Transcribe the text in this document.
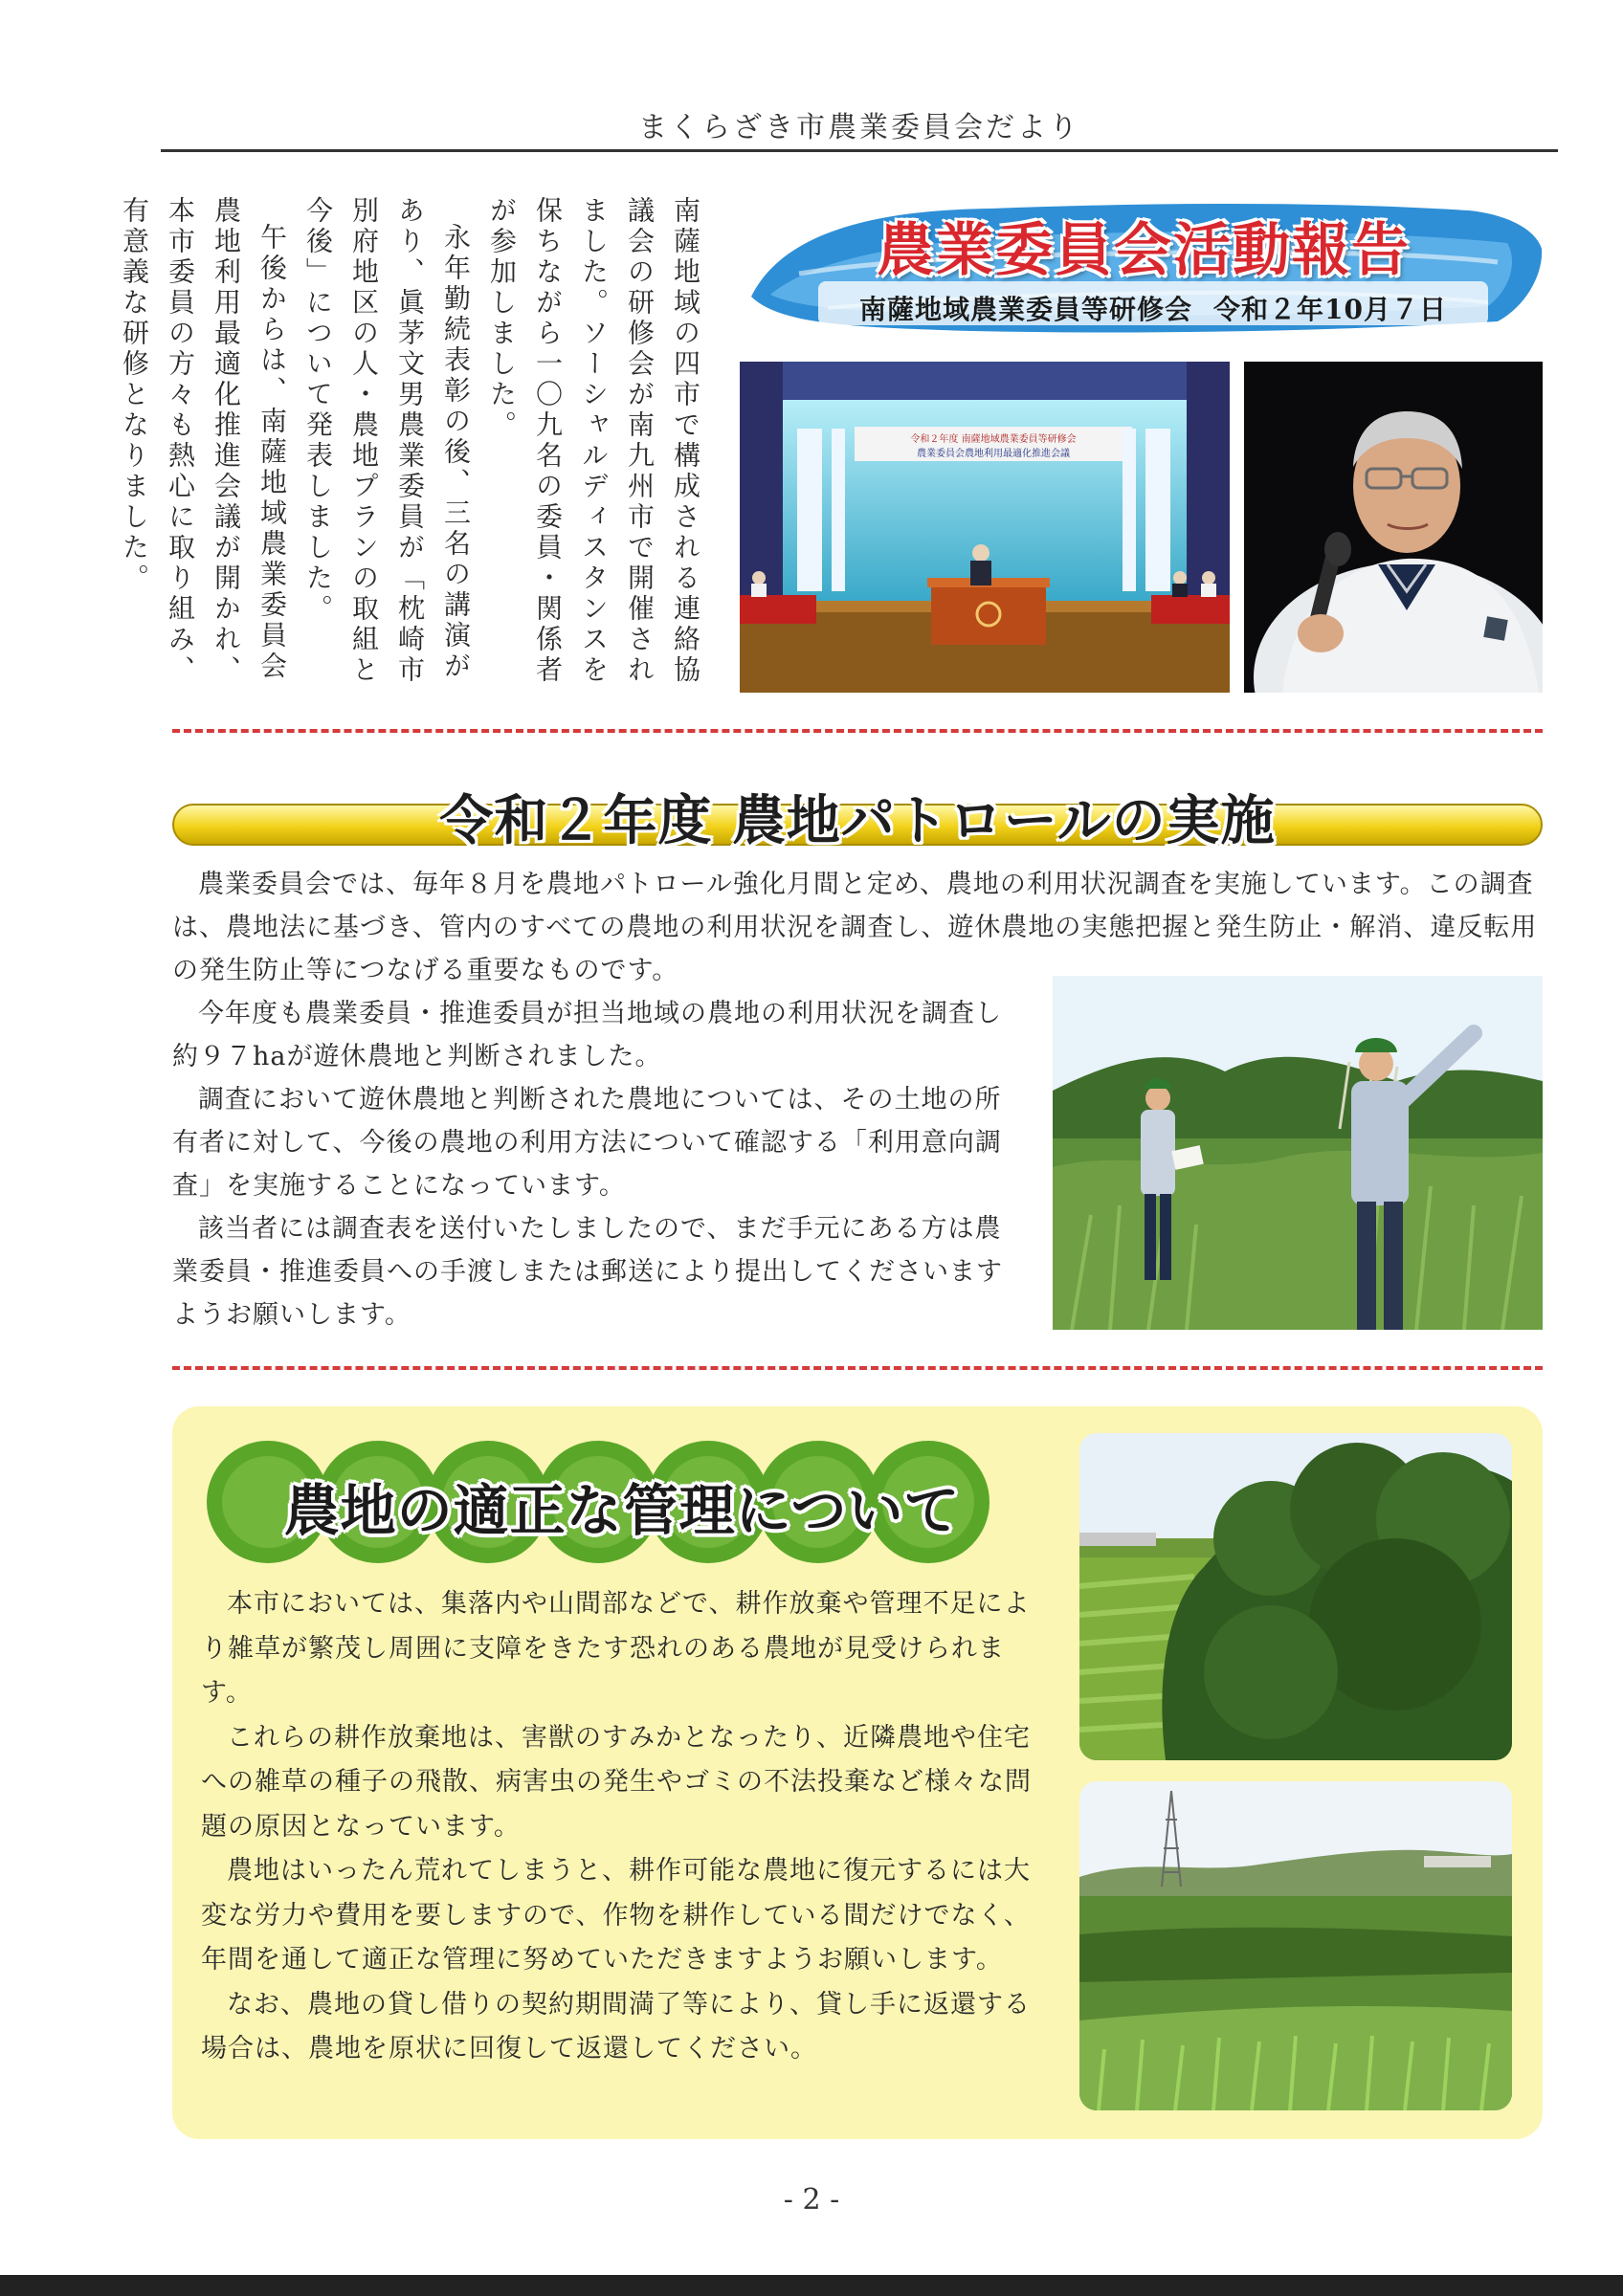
まくらざき市農業委員会だより

南薩地域の四市で構成される連絡協議会の研修会が南九州市で開催されました。ソーシャルディスタンスを保ちながら一〇九名の委員・関係者が参加しました。

永年勤続表彰の後、三名の講演があり、眞茅文男農業委員が「枕崎市別府地区の人・農地プランの取組と今後」について発表しました。

午後からは、南薩地域農業委員会農地利用最適化推進会議が開かれ、本市委員の方々も熱心に取り組み、有意義な研修となりました。	農業委員会活動報告
南薩地域農業委員等研修会 令和２年10月７日
令和２年度 南薩地域農業委員等研修会
農業委員会農地利用最適化推進会議
令和２年度 農地パトロールの実施

農業委員会では、毎年８月を農地パトロール強化月間と定め、農地の利用状況調査を実施しています。この調査は、農地法に基づき、管内のすべての農地の利用状況を調査し、遊休農地の実態把握と発生防止・解消、違反転用の発生防止等につなげる重要なものです。

今年度も農業委員・推進委員が担当地域の農地の利用状況を調査し約９７haが遊休農地と判断されました。

調査において遊休農地と判断された農地については、その土地の所有者に対して、今後の農地の利用方法について確認する「利用意向調査」を実施することになっています。

該当者には調査表を送付いたしましたので、まだ手元にある方は農業委員・推進委員への手渡しまたは郵送により提出してくださいますようお願いします。

農地の適正な管理について

本市においては、集落内や山間部などで、耕作放棄や管理不足により雑草が繁茂し周囲に支障をきたす恐れのある農地が見受けられます。

これらの耕作放棄地は、害獣のすみかとなったり、近隣農地や住宅への雑草の種子の飛散、病害虫の発生やゴミの不法投棄など様々な問題の原因となっています。

農地はいったん荒れてしまうと、耕作可能な農地に復元するには大変な労力や費用を要しますので、作物を耕作している間だけでなく、年間を通して適正な管理に努めていただきますようお願いします。

なお、農地の貸し借りの契約期間満了等により、貸し手に返還する場合は、農地を原状に回復して返還してください。

- 2 -
